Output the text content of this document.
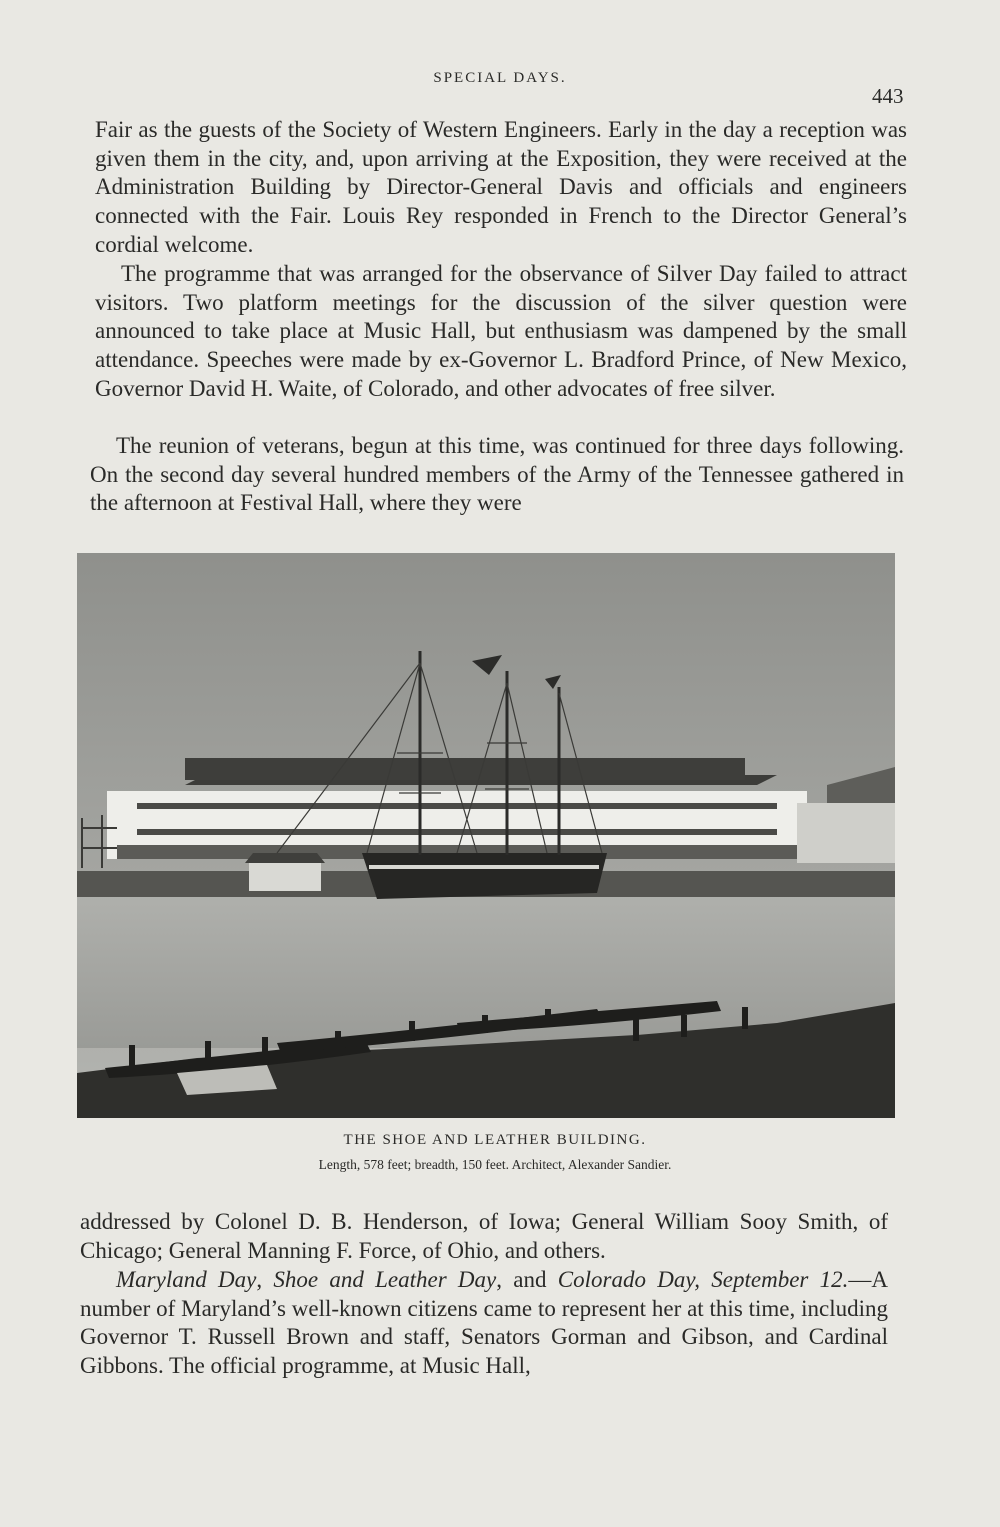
SPECIAL DAYS.
443

Fair as the guests of the Society of Western Engineers. Early in the day a reception was given them in the city, and, upon arriving at the Exposition, they were received at the Administration Building by Director-General Davis and officials and engineers connected with the Fair. Louis Rey responded in French to the Director General’s cordial welcome.

The programme that was arranged for the observance of Silver Day failed to attract visitors. Two platform meetings for the discussion of the silver question were announced to take place at Music Hall, but enthusiasm was dampened by the small attendance. Speeches were made by ex-Governor L. Bradford Prince, of New Mexico, Governor David H. Waite, of Colorado, and other advocates of free silver.

The reunion of veterans, begun at this time, was continued for three days following. On the second day several hundred members of the Army of the Tennessee gathered in the afternoon at Festival Hall, where they were

THE SHOE AND LEATHER BUILDING.
Length, 578 feet; breadth, 150 feet. Architect, Alexander Sandier.

addressed by Colonel D. B. Henderson, of Iowa; General William Sooy Smith, of Chicago; General Manning F. Force, of Ohio, and others.

Maryland Day, Shoe and Leather Day, and Colorado Day, September 12.—A number of Maryland’s well-known citizens came to represent her at this time, including Governor T. Russell Brown and staff, Senators Gorman and Gibson, and Cardinal Gibbons. The official programme, at Music Hall,
